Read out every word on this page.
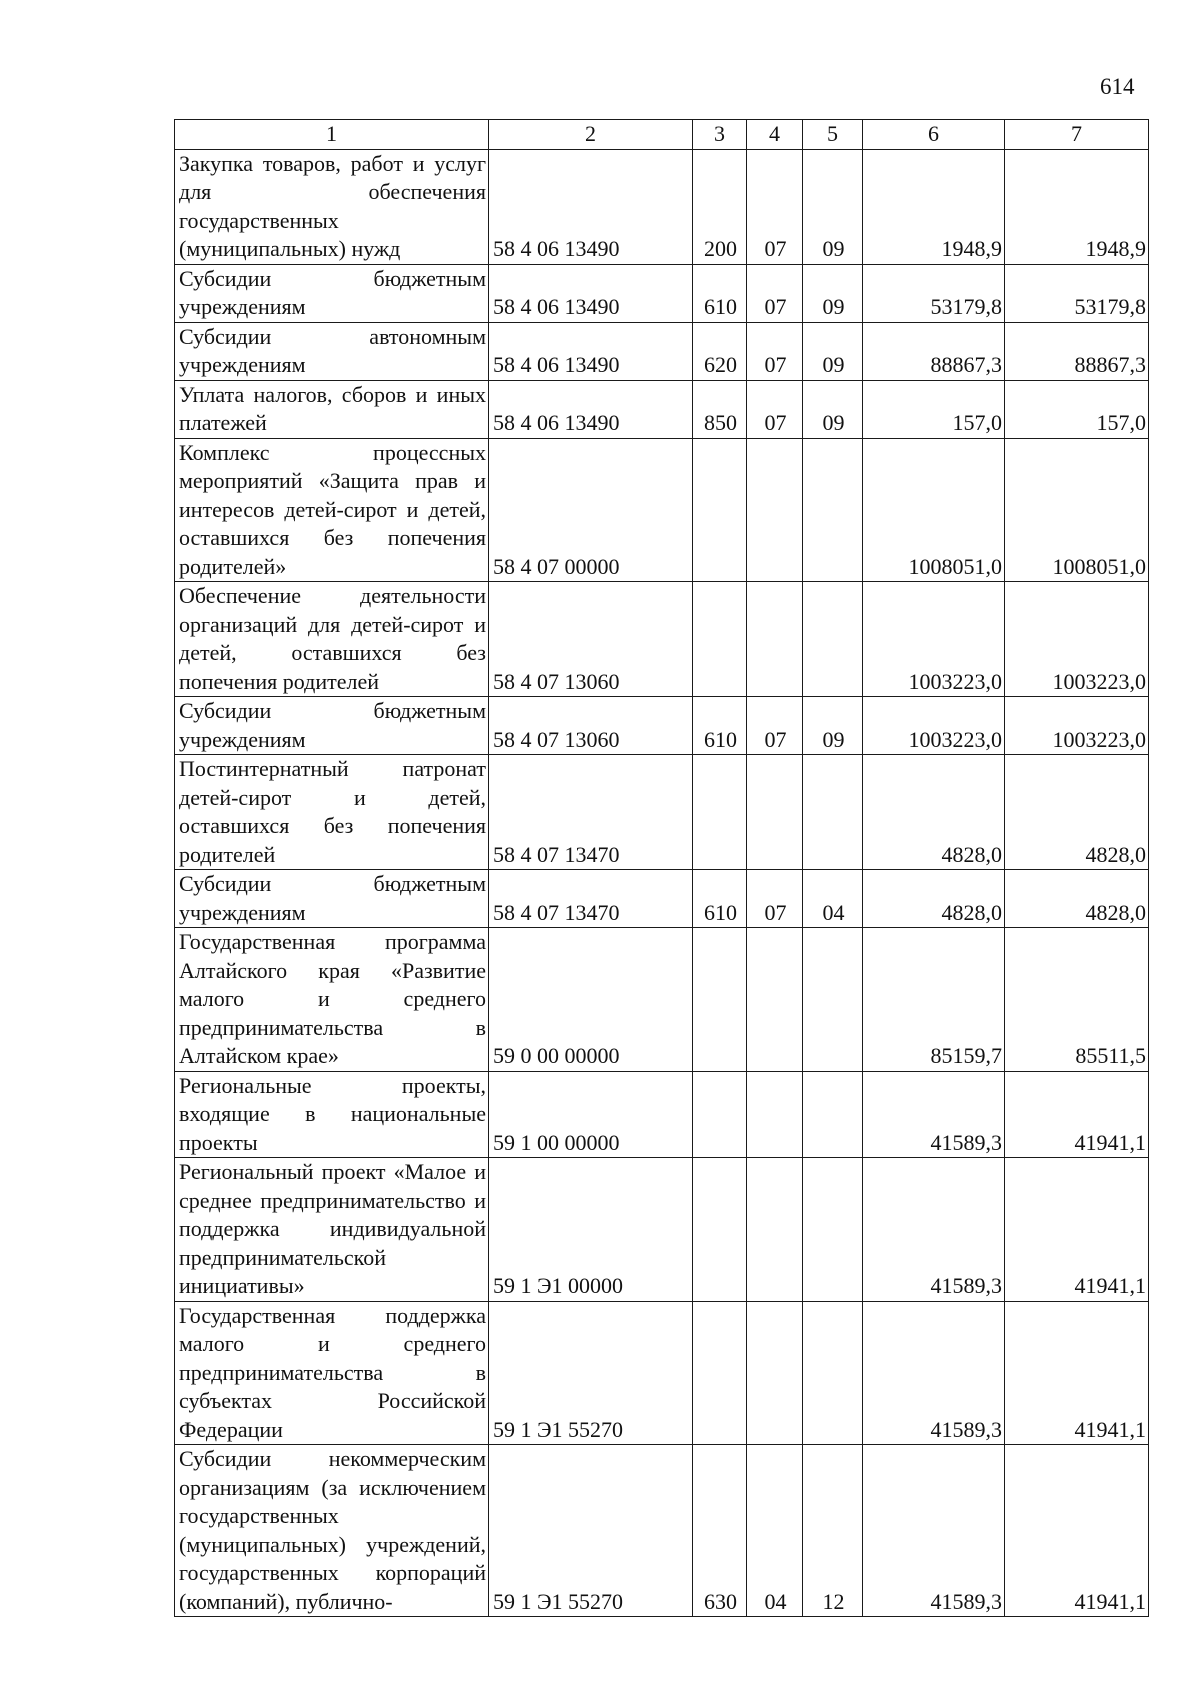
614
1	2	3	4	5	6	7
Закупка товаров, работ и услуг для обеспечения государственных (муниципальных) нужд	58 4 06 13490	200	07	09	1948,9	1948,9
Субсидии бюджетным учреждениям	58 4 06 13490	610	07	09	53179,8	53179,8
Субсидии автономным учреждениям	58 4 06 13490	620	07	09	88867,3	88867,3
Уплата налогов, сборов и иных платежей	58 4 06 13490	850	07	09	157,0	157,0
Комплекс процессных мероприятий «Защита прав и интересов детей-сирот и детей, оставшихся без попечения родителей»	58 4 07 00000				1008051,0	1008051,0
Обеспечение деятельности организаций для детей-сирот и детей, оставшихся без попечения родителей	58 4 07 13060				1003223,0	1003223,0
Субсидии бюджетным учреждениям	58 4 07 13060	610	07	09	1003223,0	1003223,0
Постинтернатный патронат детей-сирот и детей, оставшихся без попечения родителей	58 4 07 13470				4828,0	4828,0
Субсидии бюджетным учреждениям	58 4 07 13470	610	07	04	4828,0	4828,0
Государственная программа Алтайского края «Развитие малого и среднего предпринимательства в Алтайском крае»	59 0 00 00000				85159,7	85511,5
Региональные проекты, входящие в национальные проекты	59 1 00 00000				41589,3	41941,1
Региональный проект «Малое и среднее предпринимательство и поддержка индивидуальной предпринимательской инициативы»	59 1 Э1 00000				41589,3	41941,1
Государственная поддержка малого и среднего предпринимательства в субъектах Российской Федерации	59 1 Э1 55270				41589,3	41941,1
Субсидии некоммерческим организациям (за исключением государственных (муниципальных) учреждений, государственных корпораций (компаний), публично-	59 1 Э1 55270	630	04	12	41589,3	41941,1
